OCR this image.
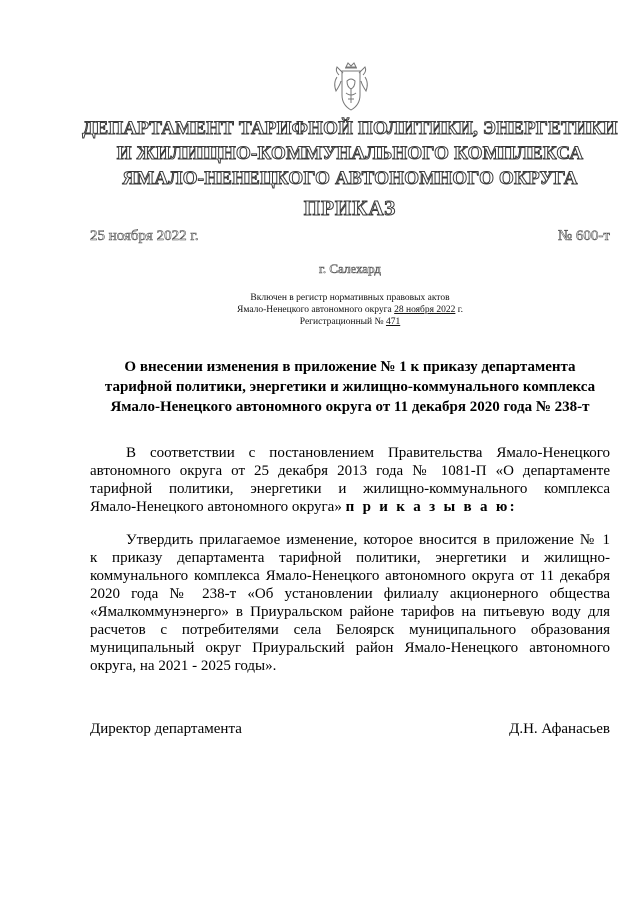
ДЕПАРТАМЕНТ ТАРИФНОЙ ПОЛИТИКИ, ЭНЕРГЕТИКИ
И ЖИЛИЩНО-КОММУНАЛЬНОГО КОМПЛЕКСА
ЯМАЛО-НЕНЕЦКОГО АВТОНОМНОГО ОКРУГА
ПРИКАЗ
25 ноября 2022 г.	№ 600-т
г. Салехард
Включен в регистр нормативных правовых актов
Ямало-Ненецкого автономного округа 28 ноября 2022 г.
Регистрационный № 471
О внесении изменения в приложение № 1 к приказу департамента
тарифной политики, энергетики и жилищно-коммунального комплекса
Ямало-Ненецкого автономного округа от 11 декабря 2020 года № 238-т
В соответствии с постановлением Правительства Ямало-Ненецкого
автономного округа от 25 декабря 2013 года № 1081-П «О департаменте
тарифной политики, энергетики и жилищно-коммунального комплекса
Ямало-Ненецкого автономного округа» п р и к а з ы в а ю:
Утвердить прилагаемое изменение, которое вносится в приложение № 1
к приказу департамента тарифной политики, энергетики и жилищно-
коммунального комплекса Ямало-Ненецкого автономного округа от 11 декабря
2020 года № 238-т «Об установлении филиалу акционерного общества
«Ямалкоммунэнерго» в Приуральском районе тарифов на питьевую воду для
расчетов с потребителями села Белоярск муниципального образования
муниципальный округ Приуральский район Ямало-Ненецкого автономного
округа, на 2021 - 2025 годы».
Директор департамента	Д.Н. Афанасьев
